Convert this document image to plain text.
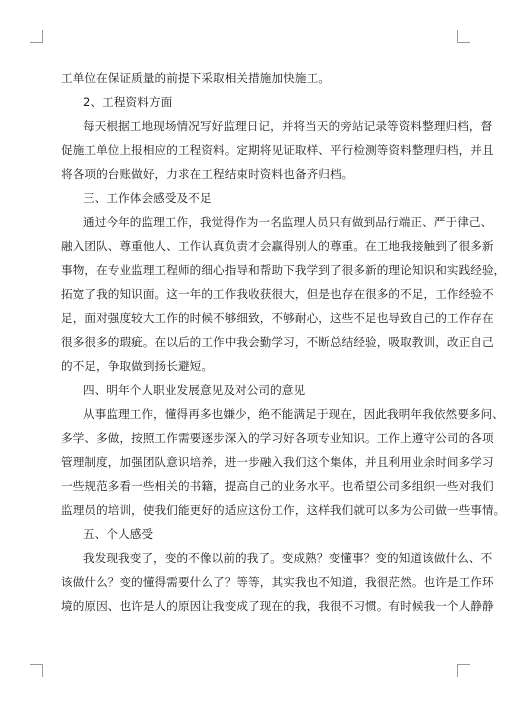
工单位在保证质量的前提下采取相关措施加快施工。
2、工程资料方面
每天根据工地现场情况写好监理日记，并将当天的旁站记录等资料整理归档，督
促施工单位上报相应的工程资料。定期将见证取样、平行检测等资料整理归档，并且
将各项的台账做好，力求在工程结束时资料也备齐归档。
三、工作体会感受及不足
通过今年的监理工作，我觉得作为一名监理人员只有做到品行端正、严于律己、
融入团队、尊重他人、工作认真负责才会赢得别人的尊重。在工地我接触到了很多新
事物，在专业监理工程师的细心指导和帮助下我学到了很多新的理论知识和实践经验，
拓宽了我的知识面。这一年的工作我收获很大，但是也存在很多的不足，工作经验不
足，面对强度较大工作的时候不够细致，不够耐心，这些不足也导致自己的工作存在
很多很多的瑕疵。在以后的工作中我会勤学习，不断总结经验，吸取教训，改正自己
的不足，争取做到扬长避短。
四、明年个人职业发展意见及对公司的意见
从事监理工作，懂得再多也嫌少，绝不能满足于现在，因此我明年我依然要多问、
多学、多做，按照工作需要逐步深入的学习好各项专业知识。工作上遵守公司的各项
管理制度，加强团队意识培养，进一步融入我们这个集体，并且利用业余时间多学习
一些规范多看一些相关的书籍，提高自己的业务水平。也希望公司多组织一些对我们
监理员的培训，使我们能更好的适应这份工作，这样我们就可以多为公司做一些事情。
五、个人感受
我发现我变了，变的不像以前的我了。变成熟？变懂事？变的知道该做什么、不
该做什么？变的懂得需要什么了？等等，其实我也不知道，我很茫然。也许是工作环
境的原因、也许是人的原因让我变成了现在的我，我很不习惯。有时候我一个人静静
